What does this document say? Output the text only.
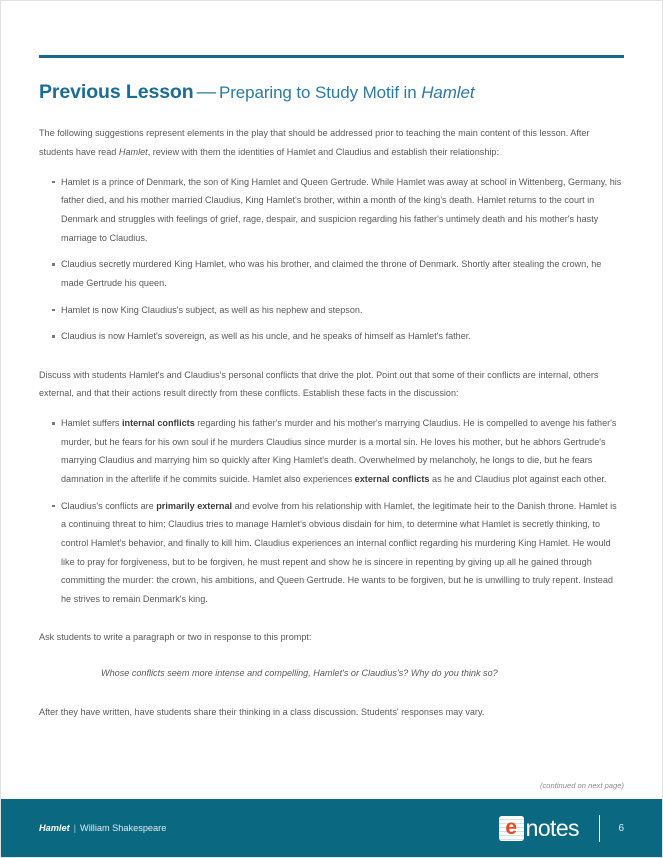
Previous Lesson — Preparing to Study Motif in Hamlet

The following suggestions represent elements in the play that should be addressed prior to teaching the main content of this lesson. After students have read Hamlet, review with them the identities of Hamlet and Claudius and establish their relationship:

Hamlet is a prince of Denmark, the son of King Hamlet and Queen Gertrude. While Hamlet was away at school in Wittenberg, Germany, his father died, and his mother married Claudius, King Hamlet's brother, within a month of the king's death. Hamlet returns to the court in Denmark and struggles with feelings of grief, rage, despair, and suspicion regarding his father's untimely death and his mother's hasty marriage to Claudius.
Claudius secretly murdered King Hamlet, who was his brother, and claimed the throne of Denmark. Shortly after stealing the crown, he made Gertrude his queen.
Hamlet is now King Claudius's subject, as well as his nephew and stepson.
Claudius is now Hamlet's sovereign, as well as his uncle, and he speaks of himself as Hamlet's father.

Discuss with students Hamlet's and Claudius's personal conflicts that drive the plot. Point out that some of their conflicts are internal, others external, and that their actions result directly from these conflicts. Establish these facts in the discussion:

Hamlet suffers internal conflicts regarding his father's murder and his mother's marrying Claudius. He is compelled to avenge his father's murder, but he fears for his own soul if he murders Claudius since murder is a mortal sin. He loves his mother, but he abhors Gertrude's marrying Claudius and marrying him so quickly after King Hamlet's death. Overwhelmed by melancholy, he longs to die, but he fears damnation in the afterlife if he commits suicide. Hamlet also experiences external conflicts as he and Claudius plot against each other.
Claudius's conflicts are primarily external and evolve from his relationship with Hamlet, the legitimate heir to the Danish throne. Hamlet is a continuing threat to him; Claudius tries to manage Hamlet's obvious disdain for him, to determine what Hamlet is secretly thinking, to control Hamlet's behavior, and finally to kill him. Claudius experiences an internal conflict regarding his murdering King Hamlet. He would like to pray for forgiveness, but to be forgiven, he must repent and show he is sincere in repenting by giving up all he gained through committing the murder: the crown, his ambitions, and Queen Gertrude. He wants to be forgiven, but he is unwilling to truly repent. Instead he strives to remain Denmark's king.

Ask students to write a paragraph or two in response to this prompt:

Whose conflicts seem more intense and compelling, Hamlet's or Claudius's? Why do you think so?

After they have written, have students share their thinking in a class discussion. Students' responses may vary.

(continued on next page)

Hamlet | William Shakespeare	e notes	6
